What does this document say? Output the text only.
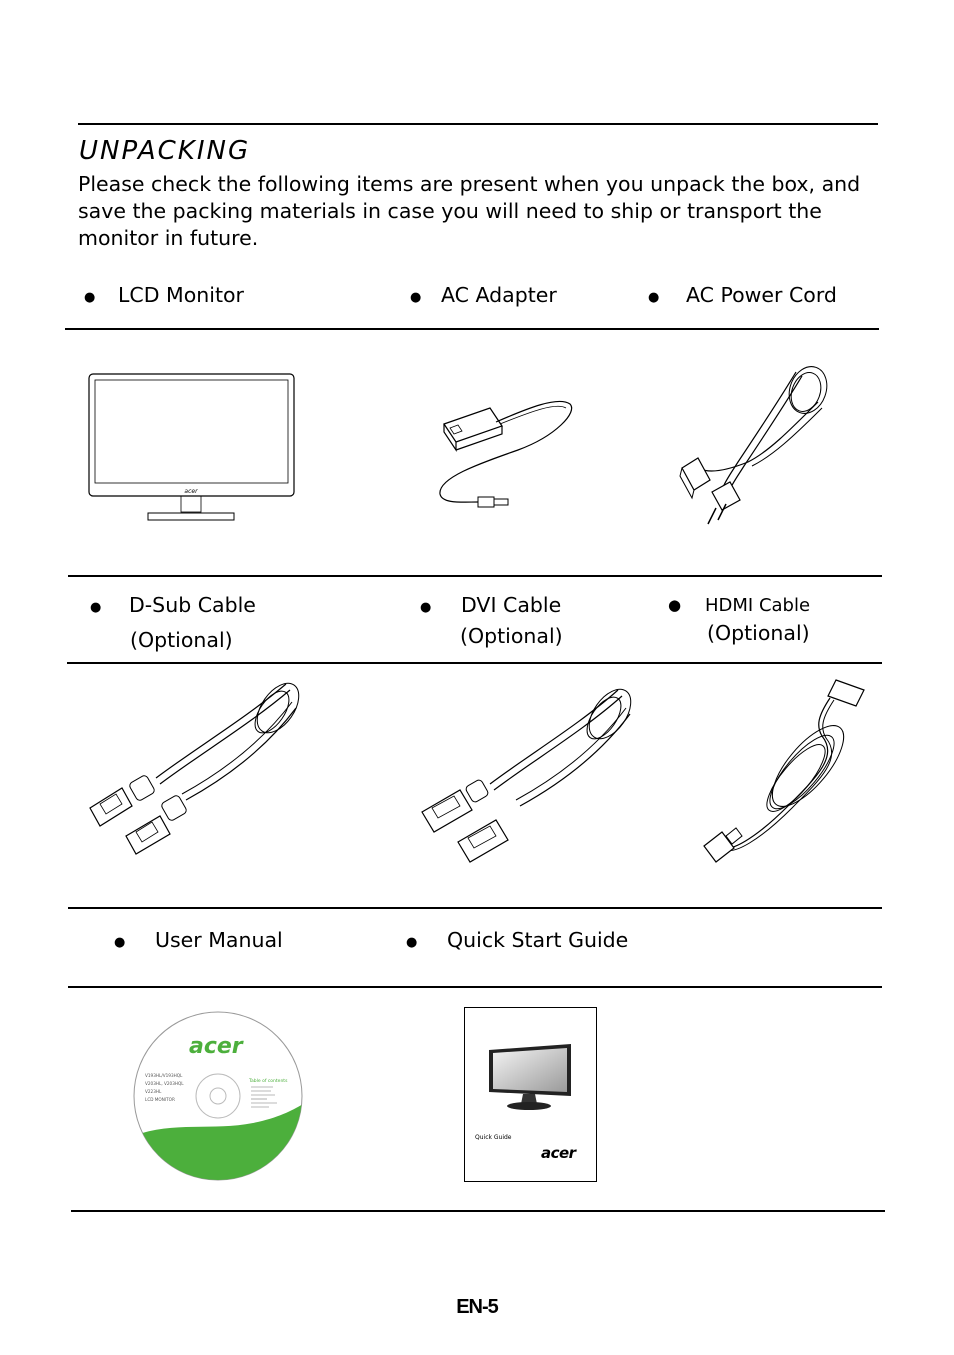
UNPACKING
Please check the following items are present when you unpack the box, and save the packing materials in case you will need to ship or transport the monitor in future.
● LCD Monitor	● AC Adapter	● AC Power Cord
acer
● D-Sub Cable
(Optional)
● DVI Cable
(Optional)
● HDMI Cable
(Optional)
● User Manual	● Quick Start Guide
acer
V193HL/V193HQL
V203HL, V203HQL
V223HL
LCD MONITOR
Table of contents
Quick Guide
acer
EN-5
